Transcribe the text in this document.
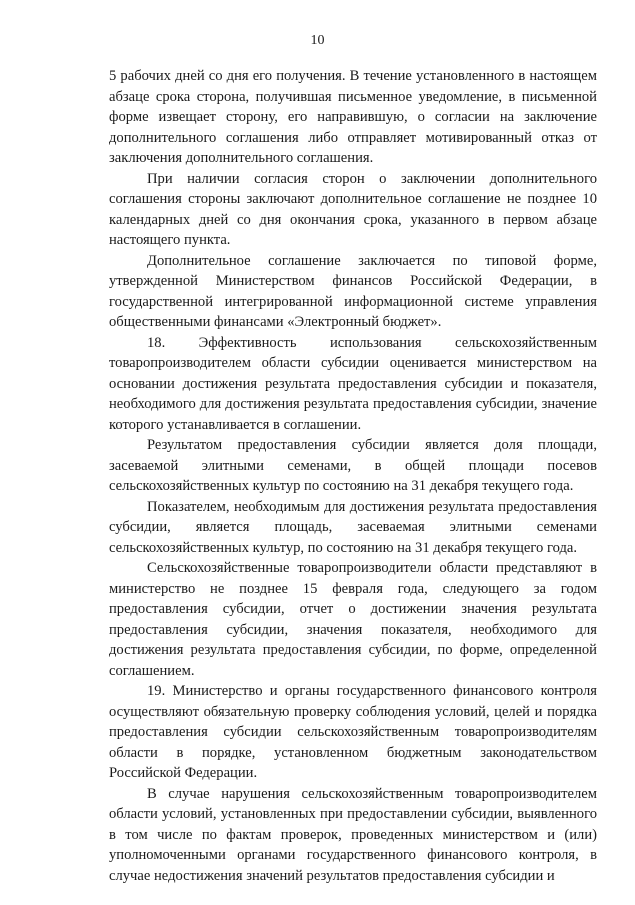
10

5 рабочих дней со дня его получения. В течение установленного в настоящем абзаце срока сторона, получившая письменное уведомление, в письменной форме извещает сторону, его направившую, о согласии на заключение дополнительного соглашения либо отправляет мотивированный отказ от заключения дополнительного соглашения.

При наличии согласия сторон о заключении дополнительного соглашения стороны заключают дополнительное соглашение не позднее 10 календарных дней со дня окончания срока, указанного в первом абзаце настоящего пункта.

Дополнительное соглашение заключается по типовой форме, утвержденной Министерством финансов Российской Федерации, в государственной интегрированной информационной системе управления общественными финансами «Электронный бюджет».

18. Эффективность использования сельскохозяйственным товаропроизводителем области субсидии оценивается министерством на основании достижения результата предоставления субсидии и показателя, необходимого для достижения результата предоставления субсидии, значение которого устанавливается в соглашении.

Результатом предоставления субсидии является доля площади, засеваемой элитными семенами, в общей площади посевов сельскохозяйственных культур по состоянию на 31 декабря текущего года.

Показателем, необходимым для достижения результата предоставления субсидии, является площадь, засеваемая элитными семенами сельскохозяйственных культур, по состоянию на 31 декабря текущего года.

Сельскохозяйственные товаропроизводители области представляют в министерство не позднее 15 февраля года, следующего за годом предоставления субсидии, отчет о достижении значения результата предоставления субсидии, значения показателя, необходимого для достижения результата предоставления субсидии, по форме, определенной соглашением.

19. Министерство и органы государственного финансового контроля осуществляют обязательную проверку соблюдения условий, целей и порядка предоставления субсидии сельскохозяйственным товаропроизводителям области в порядке, установленном бюджетным законодательством Российской Федерации.

В случае нарушения сельскохозяйственным товаропроизводителем области условий, установленных при предоставлении субсидии, выявленного в том числе по фактам проверок, проведенных министерством и (или) уполномоченными органами государственного финансового контроля, в случае недостижения значений результатов предоставления субсидии и
